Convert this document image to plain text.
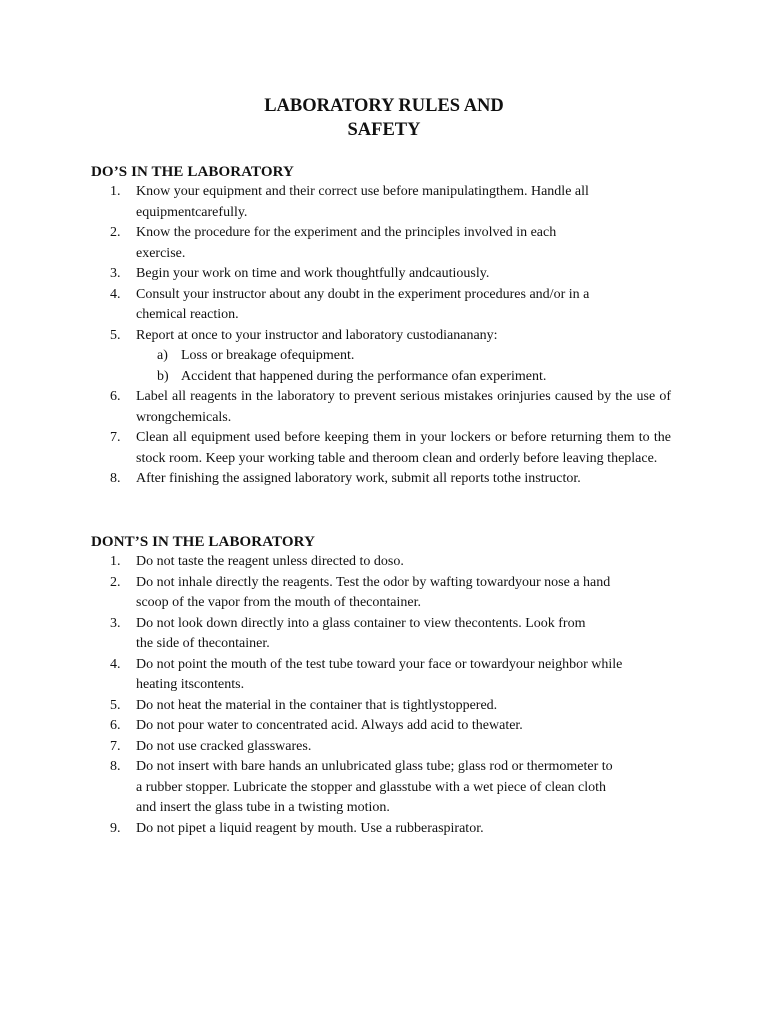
LABORATORY RULES AND
SAFETY
DO’S IN THE LABORATORY
1.	Know your equipment and their correct use before manipulatingthem. Handle all
equipmentcarefully.
2.	Know the procedure for the experiment and the principles involved in each
exercise.
3.	Begin your work on time and work thoughtfully andcautiously.
4.	Consult your instructor about any doubt in the experiment procedures and/or in a
chemical reaction.
5.	Report at once to your instructor and laboratory custodiananany:
a) Loss or breakage ofequipment.
b) Accident that happened during the performance ofan experiment.
6.	Label all reagents in the laboratory to prevent serious mistakes orinjuries caused by the use of wrongchemicals.
7.	Clean all equipment used before keeping them in your lockers or before returning them to the stock room. Keep your working table and theroom clean and orderly before leaving theplace.
8.	After finishing the assigned laboratory work, submit all reports tothe instructor.
DONT’S IN THE LABORATORY
1.	Do not taste the reagent unless directed to doso.
2.	Do not inhale directly the reagents. Test the odor by wafting towardyour nose a hand
scoop of the vapor from the mouth of thecontainer.
3.	Do not look down directly into a glass container to view thecontents. Look from
the side of thecontainer.
4.	Do not point the mouth of the test tube toward your face or towardyour neighbor while
heating itscontents.
5.	Do not heat the material in the container that is tightlystoppered.
6.	Do not pour water to concentrated acid. Always add acid to thewater.
7.	Do not use cracked glasswares.
8.	Do not insert with bare hands an unlubricated glass tube; glass rod or thermometer to
a rubber stopper. Lubricate the stopper and glasstube with a wet piece of clean cloth
and insert the glass tube in a twisting motion.
9.	Do not pipet a liquid reagent by mouth. Use a rubberaspirator.
